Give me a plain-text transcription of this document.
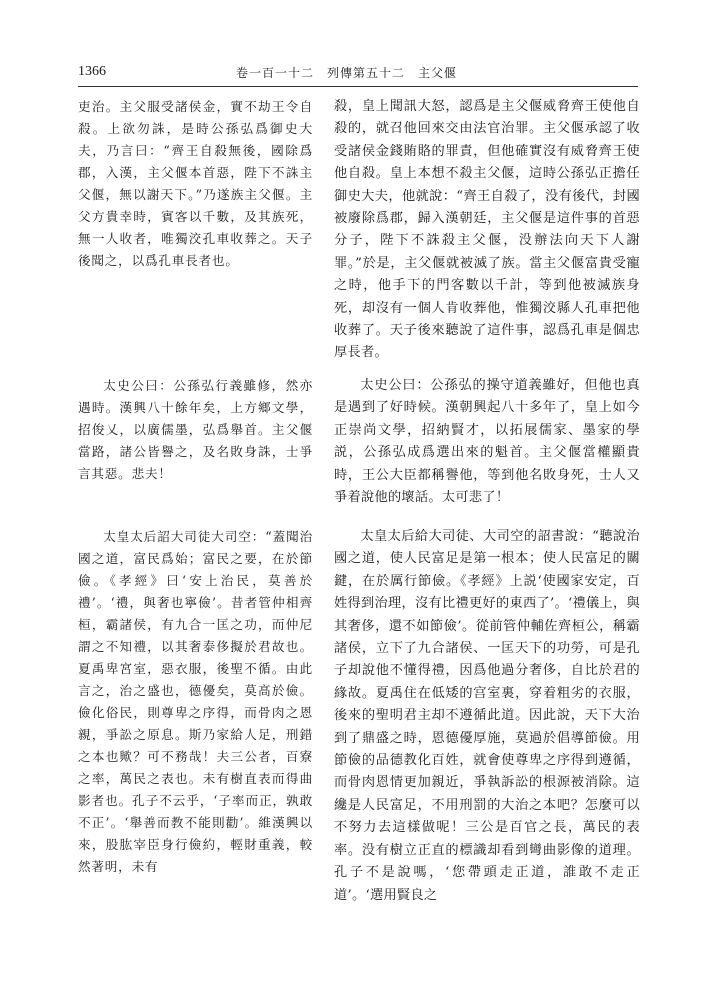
1366	卷一百一十二　列傳第五十二　主父偃

吏治。主父服受諸侯金，實不劫王令自殺。上欲勿誅，是時公孫弘爲御史大夫，乃言曰：“齊王自殺無後，國除爲郡，入漢，主父偃本首惡，陛下不誅主父偃，無以謝天下。”乃遂族主父偃。主父方貴幸時，賓客以千數，及其族死，無一人收者，唯獨洨孔車收葬之。天子後聞之，以爲孔車長者也。

殺，皇上聞訊大怒，認爲是主父偃威脅齊王使他自殺的，就召他回來交由法官治罪。主父偃承認了收受諸侯金錢賄賂的罪責，但他確實沒有威脅齊王使他自殺。皇上本想不殺主父偃，這時公孫弘正擔任御史大夫，他就說：“齊王自殺了，没有後代，封國被廢除爲郡，歸入漢朝廷，主父偃是這件事的首惡分子，陛下不誅殺主父偃，没辦法向天下人謝罪。”於是，主父偃就被滅了族。當主父偃富貴受寵之時，他手下的門客數以千計，等到他被滅族身死，却沒有一個人肯收葬他，惟獨洨縣人孔車把他收葬了。天子後來聽說了這件事，認爲孔車是個忠厚長者。

太史公曰：公孫弘行義雖修，然亦遇時。漢興八十餘年矣，上方鄉文學，招俊乂，以廣儒墨，弘爲舉首。主父偃當路，諸公皆譽之，及名敗身誅，士爭言其惡。悲夫！

太史公曰：公孫弘的操守道義雖好，但他也真是遇到了好時候。漢朝興起八十多年了，皇上如今正崇尚文學，招納賢才，以拓展儒家、墨家的學説，公孫弘成爲選出來的魁首。主父偃當權顯貴時，王公大臣都稱譽他，等到他名敗身死，士人又爭着說他的壞話。太可悲了！

太皇太后詔大司徒大司空：“蓋聞治國之道，富民爲始；富民之要，在於節儉。《孝經》曰‘安上治民，莫善於禮’。‘禮，與奢也寧儉’。昔者管仲相齊桓，霸諸侯，有九合一匡之功，而仲尼謂之不知禮，以其奢泰侈擬於君故也。夏禹卑宮室，惡衣服，後聖不循。由此言之，治之盛也，德優矣，莫高於儉。儉化俗民，則尊卑之序得，而骨肉之恩親，爭訟之原息。斯乃家給人足，刑錯之本也歟？可不務哉！夫三公者，百寮之率，萬民之表也。未有樹直表而得曲影者也。孔子不云乎，‘子率而正，孰敢不正’。‘舉善而教不能則勸’。維漢興以來，股肱宰臣身行儉約，輕財重義，較然著明，未有

太皇太后給大司徒、大司空的詔書說：“聽說治國之道，使人民富足是第一根本；使人民富足的關鍵，在於厲行節儉。《孝經》上説‘使國家安定，百姓得到治理，沒有比禮更好的東西了’。‘禮儀上，與其奢侈，還不如節儉’。從前管仲輔佐齊桓公，稱霸諸侯，立下了九合諸侯、一匡天下的功勞，可是孔子却說他不懂得禮，因爲他過分奢侈，自比於君的緣故。夏禹住在低矮的宫室裏，穿着粗劣的衣服，後來的聖明君主却不遵循此道。因此說，天下大治到了鼎盛之時，恩德優厚施，莫過於倡導節儉。用節儉的品德教化百姓，就會使尊卑之序得到遵循，而骨肉恩情更加親近，爭執訴訟的根源被消除。這纔是人民富足，不用刑罰的大治之本吧？怎麼可以不努力去這樣做呢！三公是百官之長，萬民的表率。没有樹立正直的標識却看到彎曲影像的道理。孔子不是說嗎，‘您帶頭走正道，誰敢不走正道’。‘選用賢良之
